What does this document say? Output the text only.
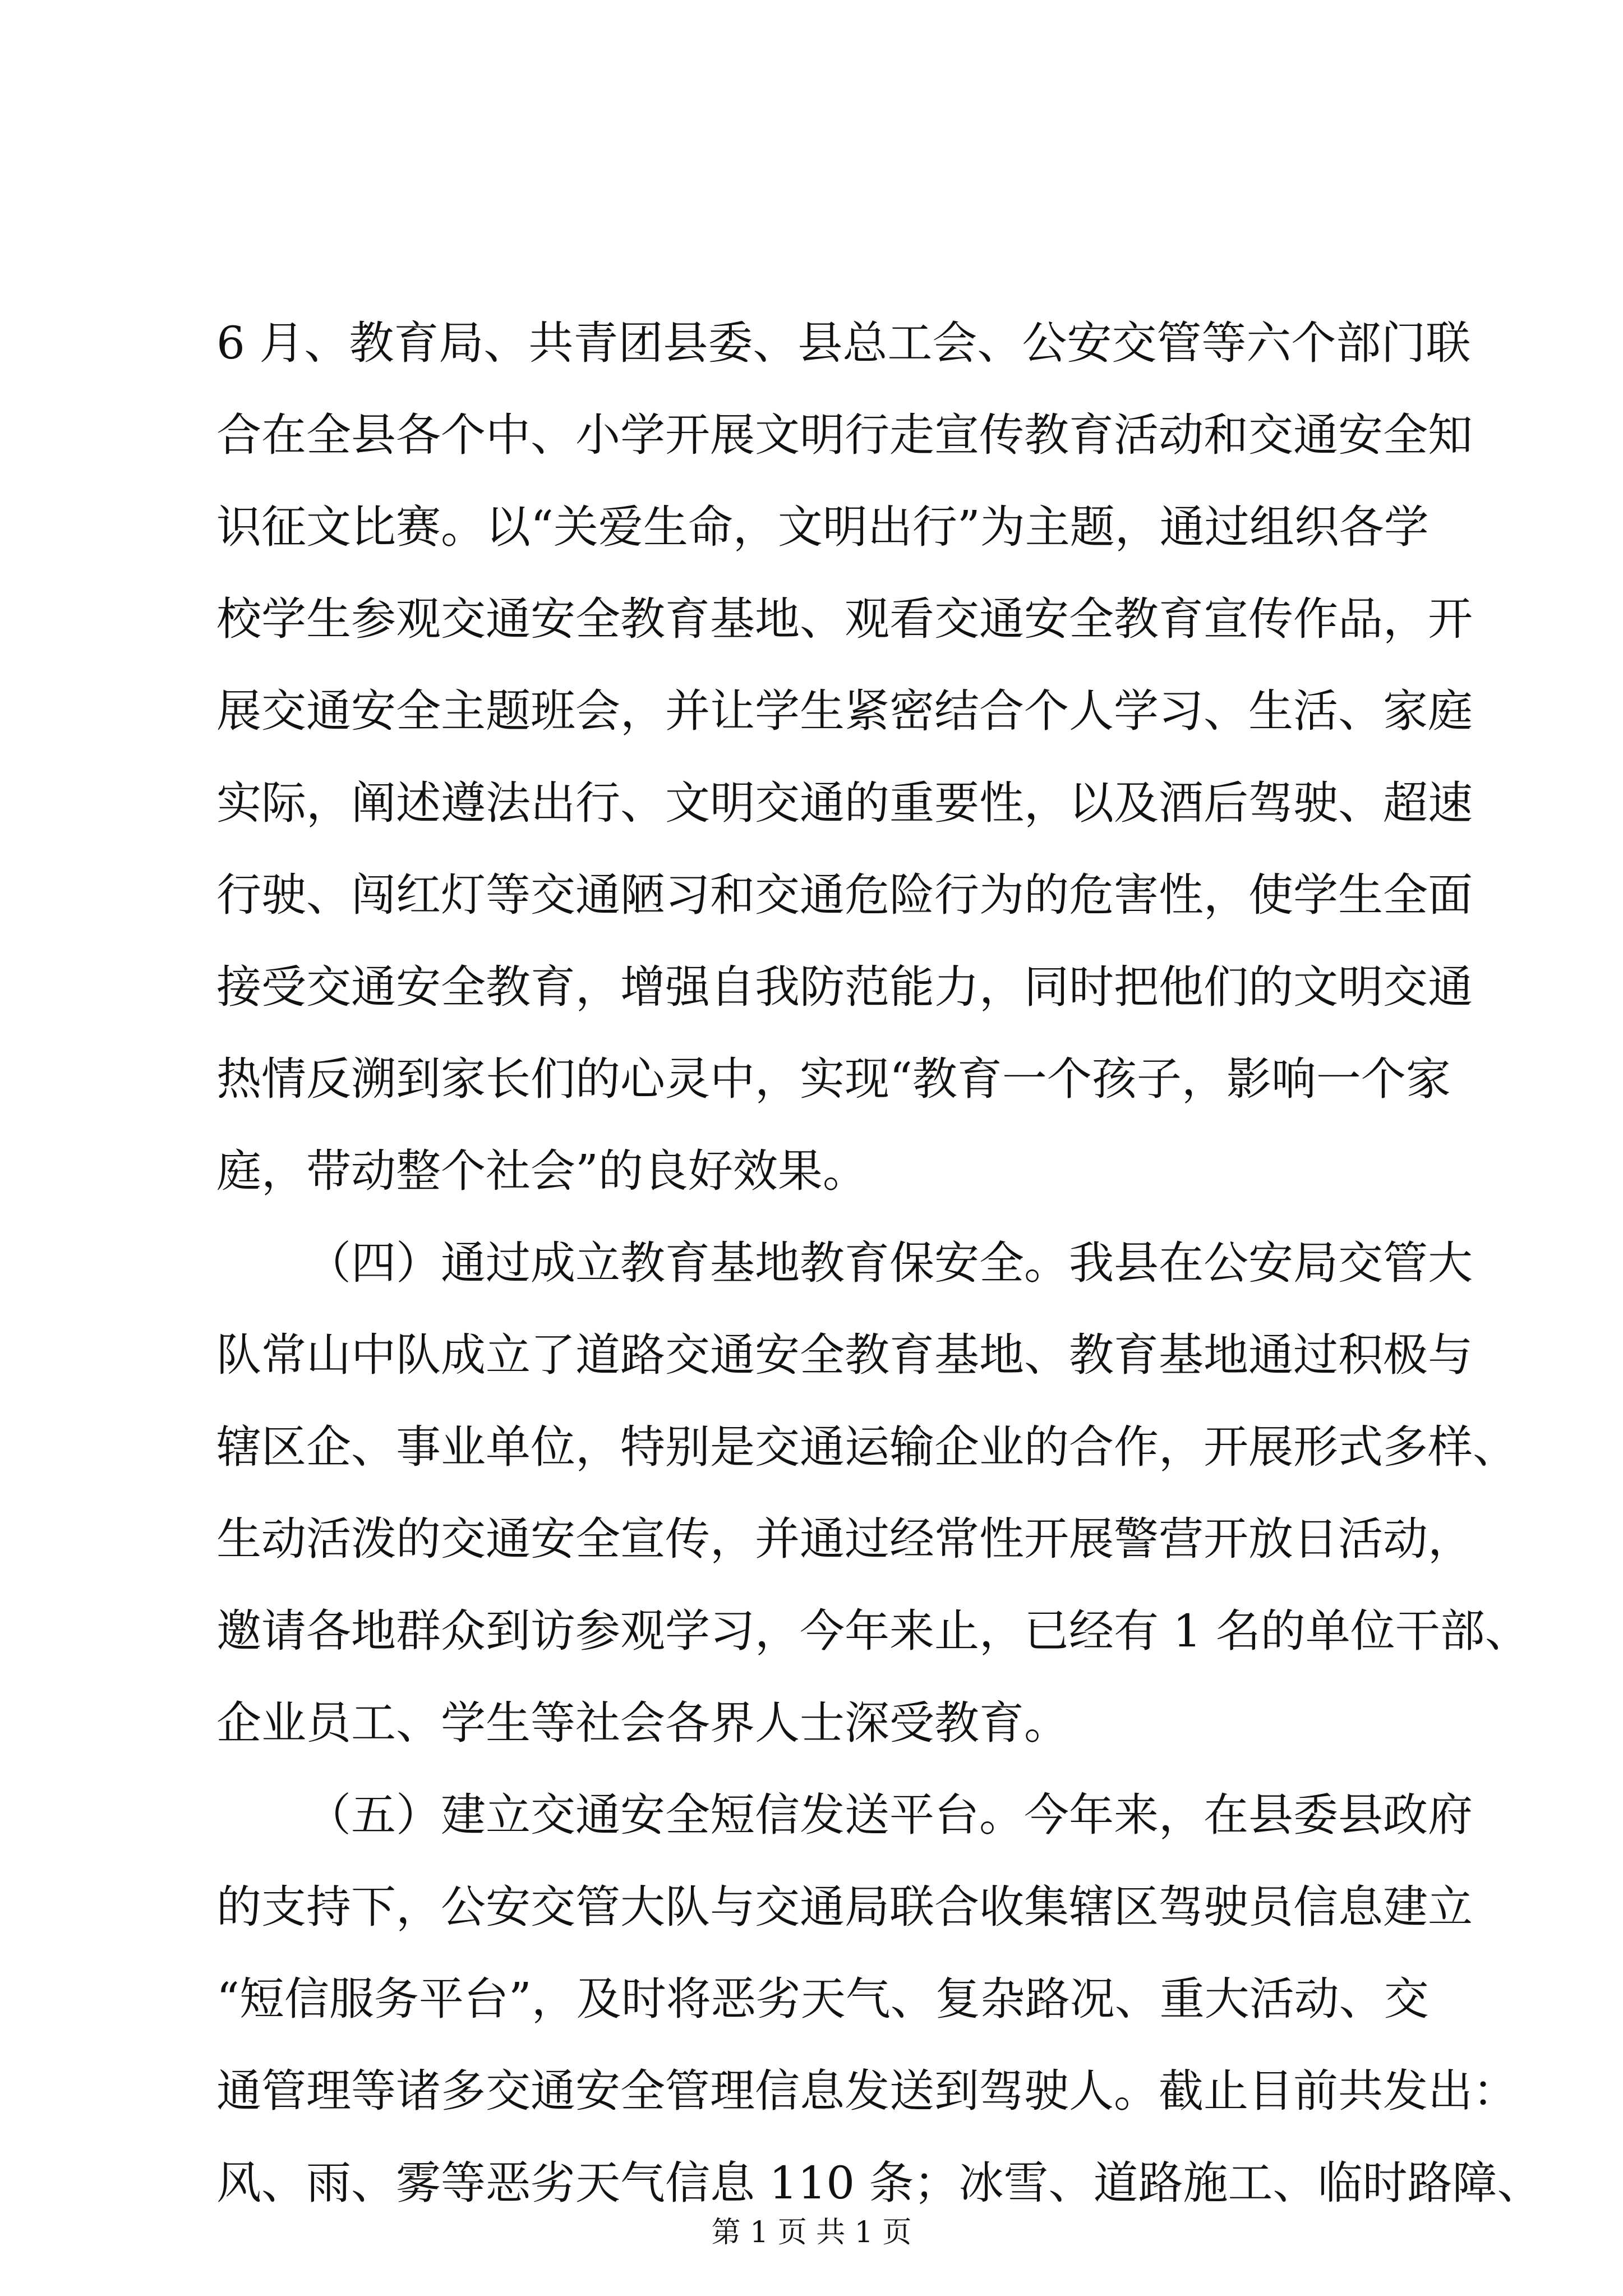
6 月、教育局、共青团县委、县总工会、公安交管等六个部门联
合在全县各个中、小学开展文明行走宣传教育活动和交通安全知
识征文比赛。以“关爱生命，文明出行”为主题，通过组织各学
校学生参观交通安全教育基地、观看交通安全教育宣传作品，开
展交通安全主题班会，并让学生紧密结合个人学习、生活、家庭
实际，阐述遵法出行、文明交通的重要性，以及酒后驾驶、超速
行驶、闯红灯等交通陋习和交通危险行为的危害性，使学生全面
接受交通安全教育，增强自我防范能力，同时把他们的文明交通
热情反溯到家长们的心灵中，实现“教育一个孩子，影响一个家
庭，带动整个社会”的良好效果。
（四）通过成立教育基地教育保安全。我县在公安局交管大
队常山中队成立了道路交通安全教育基地、教育基地通过积极与
辖区企、事业单位，特别是交通运输企业的合作，开展形式多样、
生动活泼的交通安全宣传，并通过经常性开展警营开放日活动，
邀请各地群众到访参观学习，今年来止，已经有 1 名的单位干部、
企业员工、学生等社会各界人士深受教育。
（五）建立交通安全短信发送平台。今年来，在县委县政府
的支持下，公安交管大队与交通局联合收集辖区驾驶员信息建立
“短信服务平台”，及时将恶劣天气、复杂路况、重大活动、交
通管理等诸多交通安全管理信息发送到驾驶人。截止目前共发出：
风、雨、雾等恶劣天气信息 110 条；冰雪、道路施工、临时路障、
第 1 页 共 1 页
